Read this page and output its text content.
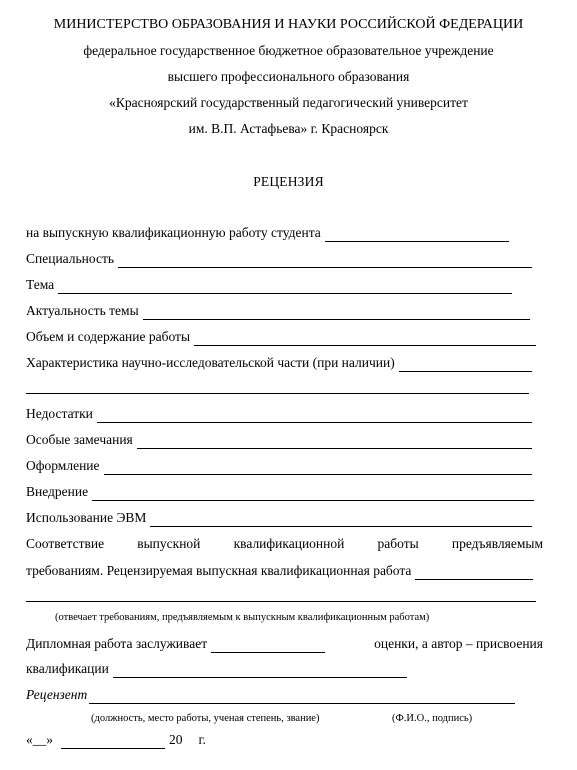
МИНИСТЕРСТВО ОБРАЗОВАНИЯ И НАУКИ РОССИЙСКОЙ ФЕДЕРАЦИИ
федеральное государственное бюджетное образовательное учреждение
высшего профессионального образования
«Красноярский государственный педагогический университет
им. В.П. Астафьева» г. Красноярск
РЕЦЕНЗИЯ
на выпускную квалификационную работу студента
Специальность
Тема
Актуальность темы
Объем и содержание работы
Характеристика научно-исследовательской части (при наличии)
Недостатки
Особые замечания
Оформление
Внедрение
Использование ЭВМ
Соответствие выпускной квалификационной работы предъявляемым
требованиям. Рецензируемая выпускная квалификационная работа
(отвечает требованиям, предъявляемым к выпускным квалификационным работам)
Дипломная работа заслуживает	оценки, а автор – присвоения
квалификации
Рецензент
(должность, место работы, ученая степень, звание)	(Ф.И.О., подпись)
«__»	20 г.
